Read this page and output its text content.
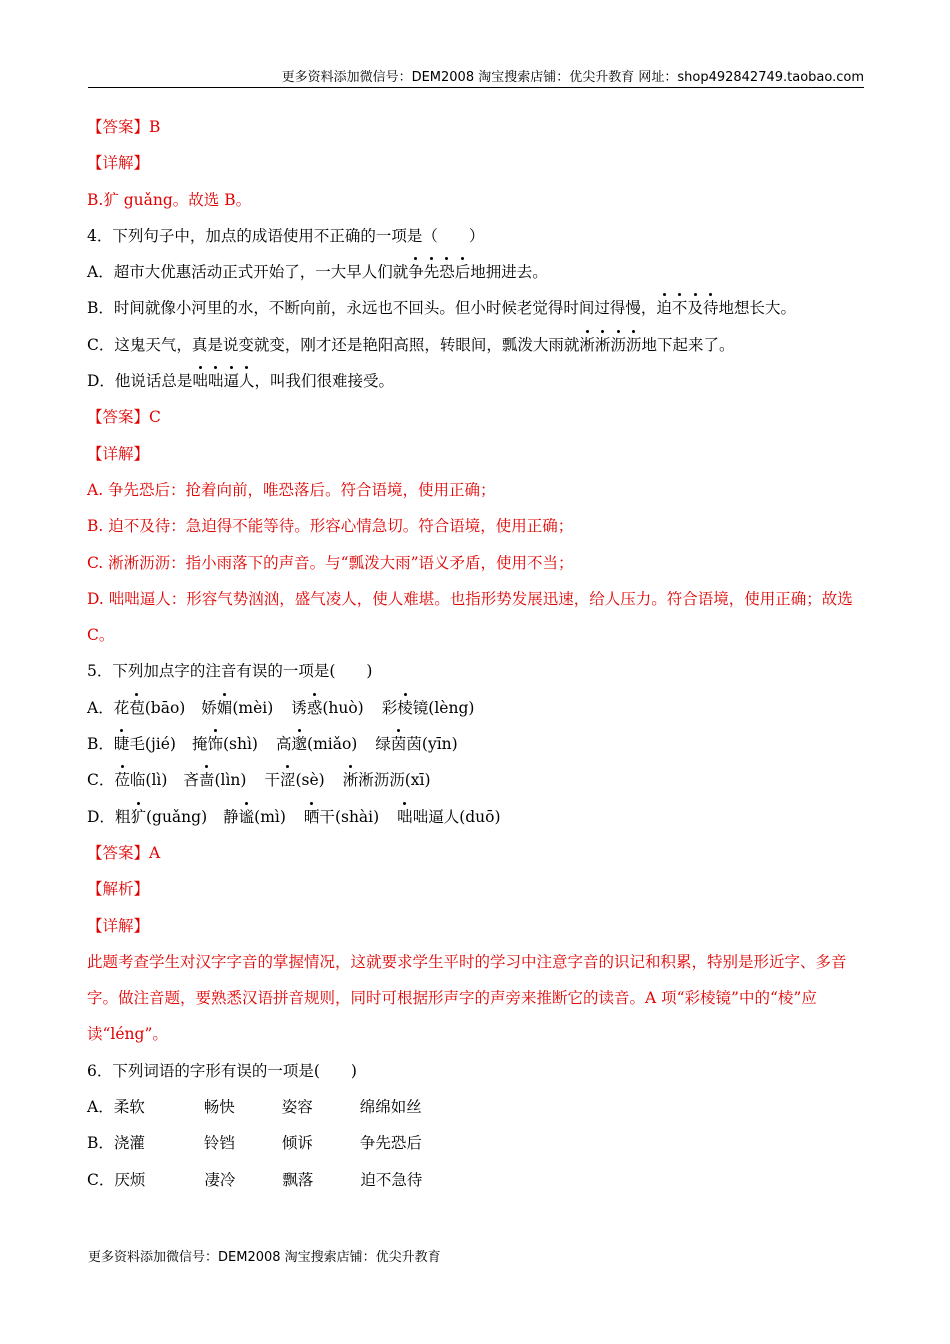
更多资料添加微信号：DEM2008 淘宝搜索店铺：优尖升教育 网址：shop492842749.taobao.com
【答案】B
【详解】
B.犷 guǎng。故选 B。
4．下列句子中，加点的成语使用不正确的一项是（　　）
A．超市大优惠活动正式开始了，一大早人们就争先恐后地拥进去。
B．时间就像小河里的水，不断向前，永远也不回头。但小时候老觉得时间过得慢，迫不及待地想长大。
C．这鬼天气，真是说变就变，刚才还是艳阳高照，转眼间，瓢泼大雨就淅淅沥沥地下起来了。
D．他说话总是咄咄逼人，叫我们很难接受。
【答案】C
【详解】
A. 争先恐后：抢着向前，唯恐落后。符合语境，使用正确；
B. 迫不及待：急迫得不能等待。形容心情急切。符合语境，使用正确；
C. 淅淅沥沥：指小雨落下的声音。与“瓢泼大雨”语义矛盾，使用不当；
D. 咄咄逼人：形容气势汹汹，盛气凌人，使人难堪。也指形势发展迅速，给人压力。符合语境，使用正确；故选 C。
5．下列加点字的注音有误的一项是(　　)
A．花苞(bāo) 娇媚(mèi) 诱惑(huò) 彩棱镜(lèng)
B．睫毛(jié) 掩饰(shì) 高邈(miǎo) 绿茵茵(yīn)
C．莅临(lì) 吝啬(lìn) 干涩(sè) 淅淅沥沥(xī)
D．粗犷(guǎng) 静谧(mì) 晒干(shài) 咄咄逼人(duō)
【答案】A
【解析】
【详解】
此题考查学生对汉字字音的掌握情况，这就要求学生平时的学习中注意字音的识记和积累，特别是形近字、多音字。做注音题，要熟悉汉语拼音规则，同时可根据形声字的声旁来推断它的读音。A 项“彩棱镜”中的“棱”应读“léng”。
6．下列词语的字形有误的一项是(　　)
A．柔软	畅快	姿容	绵绵如丝
B．浇灌	铃铛	倾诉	争先恐后
C．厌烦	凄冷	飘落	迫不急待
更多资料添加微信号：DEM2008 淘宝搜索店铺：优尖升教育
